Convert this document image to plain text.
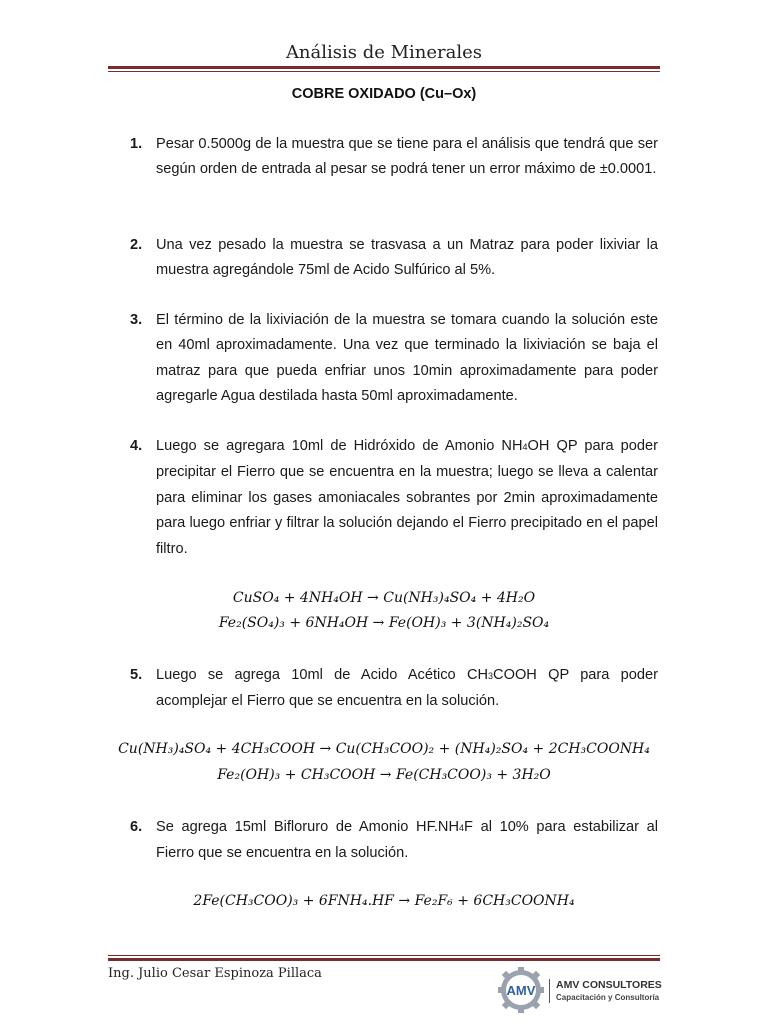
Análisis de Minerales
COBRE OXIDADO (Cu–Ox)
1. Pesar 0.5000g de la muestra que se tiene para el análisis que tendrá que ser según orden de entrada al pesar se podrá tener un error máximo de ±0.0001.
2. Una vez pesado la muestra se trasvasa a un Matraz para poder lixiviar la muestra agregándole 75ml de Acido Sulfúrico al 5%.
3. El término de la lixiviación de la muestra se tomara cuando la solución este en 40ml aproximadamente. Una vez que terminado la lixiviación se baja el matraz para que pueda enfriar unos 10min aproximadamente para poder agregarle Agua destilada hasta 50ml aproximadamente.
4. Luego se agregara 10ml de Hidróxido de Amonio NH4OH QP para poder precipitar el Fierro que se encuentra en la muestra; luego se lleva a calentar para eliminar los gases amoniacales sobrantes por 2min aproximadamente para luego enfriar y filtrar la solución dejando el Fierro precipitado en el papel filtro.
CuSO₄ + 4NH₄OH → Cu(NH₃)₄SO₄ + 4H₂O
Fe₂(SO₄)₃ + 6NH₄OH → Fe(OH)₃ + 3(NH₄)₂SO₄
5. Luego se agrega 10ml de Acido Acético CH3COOH QP para poder acomplejar el Fierro que se encuentra en la solución.
Cu(NH₃)₄SO₄ + 4CH₃COOH → Cu(CH₃COO)₂ + (NH₄)₂SO₄ + 2CH₃COONH₄
Fe₂(OH)₃ + CH₃COOH → Fe(CH₃COO)₃ + 3H₂O
6. Se agrega 15ml Bifloruro de Amonio HF.NH4F al 10% para estabilizar al Fierro que se encuentra en la solución.
2Fe(CH₃COO)₃ + 6FNH₄.HF → Fe₂F₆ + 6CH₃COONH₄
Ing. Julio Cesar Espinoza Pillaca
AMV AMV CONSULTORES
Capacitación y Consultoría
